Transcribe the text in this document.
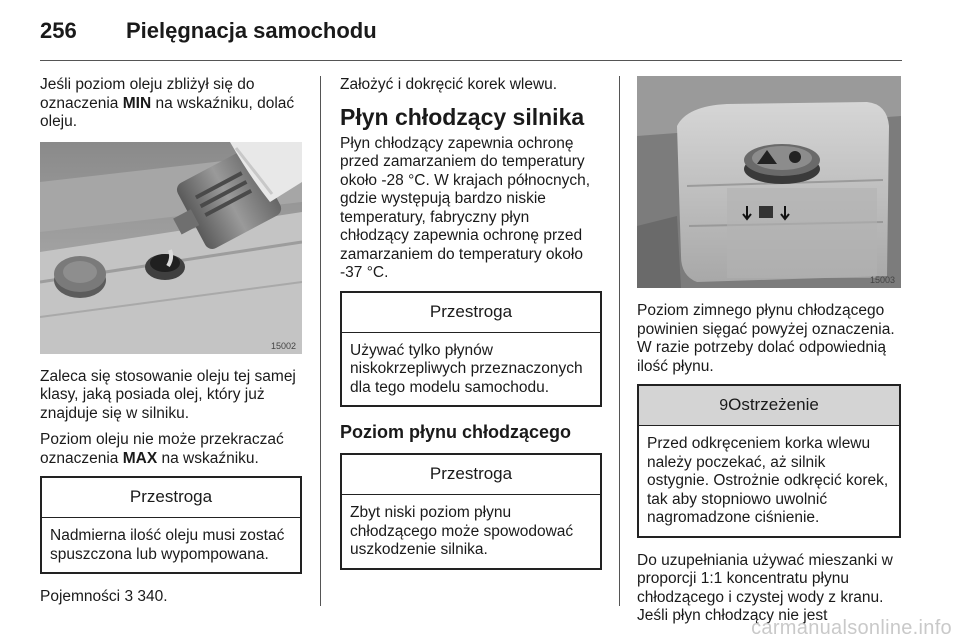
256 Pielęgnacja samochodu

Jeśli poziom oleju zbliżył się do oznaczenia MIN na wskaźniku, dolać oleju.

15002

Zaleca się stosowanie oleju tej samej klasy, jaką posiada olej, który już znajduje się w silniku.

Poziom oleju nie może przekraczać oznaczenia MAX na wskaźniku.

Przestroga
Nadmierna ilość oleju musi zostać spuszczona lub wypompowana.

Pojemności 3 340.

Założyć i dokręcić korek wlewu.

Płyn chłodzący silnika

Płyn chłodzący zapewnia ochronę przed zamarzaniem do temperatury około -28 °C. W krajach północnych, gdzie występują bardzo niskie temperatury, fabryczny płyn chłodzący zapewnia ochronę przed zamarzaniem do temperatury około -37 °C.

Przestroga
Używać tylko płynów niskokrzepliwych przeznaczonych dla tego modelu samochodu.
Poziom płynu chłodzącego
Przestroga
Zbyt niski poziom płynu chłodzącego może spowodować uszkodzenie silnika.
15003

Poziom zimnego płynu chłodzącego powinien sięgać powyżej oznaczenia. W razie potrzeby dolać odpowiednią ilość płynu.

9Ostrzeżenie
Przed odkręceniem korka wlewu należy poczekać, aż silnik ostygnie. Ostrożnie odkręcić korek, tak aby stopniowo uwolnić nagromadzone ciśnienie.

Do uzupełniania używać mieszanki w proporcji 1:1 koncentratu płynu chłodzącego i czystej wody z kranu. Jeśli płyn chłodzący nie jest

carmanualsonline.info
